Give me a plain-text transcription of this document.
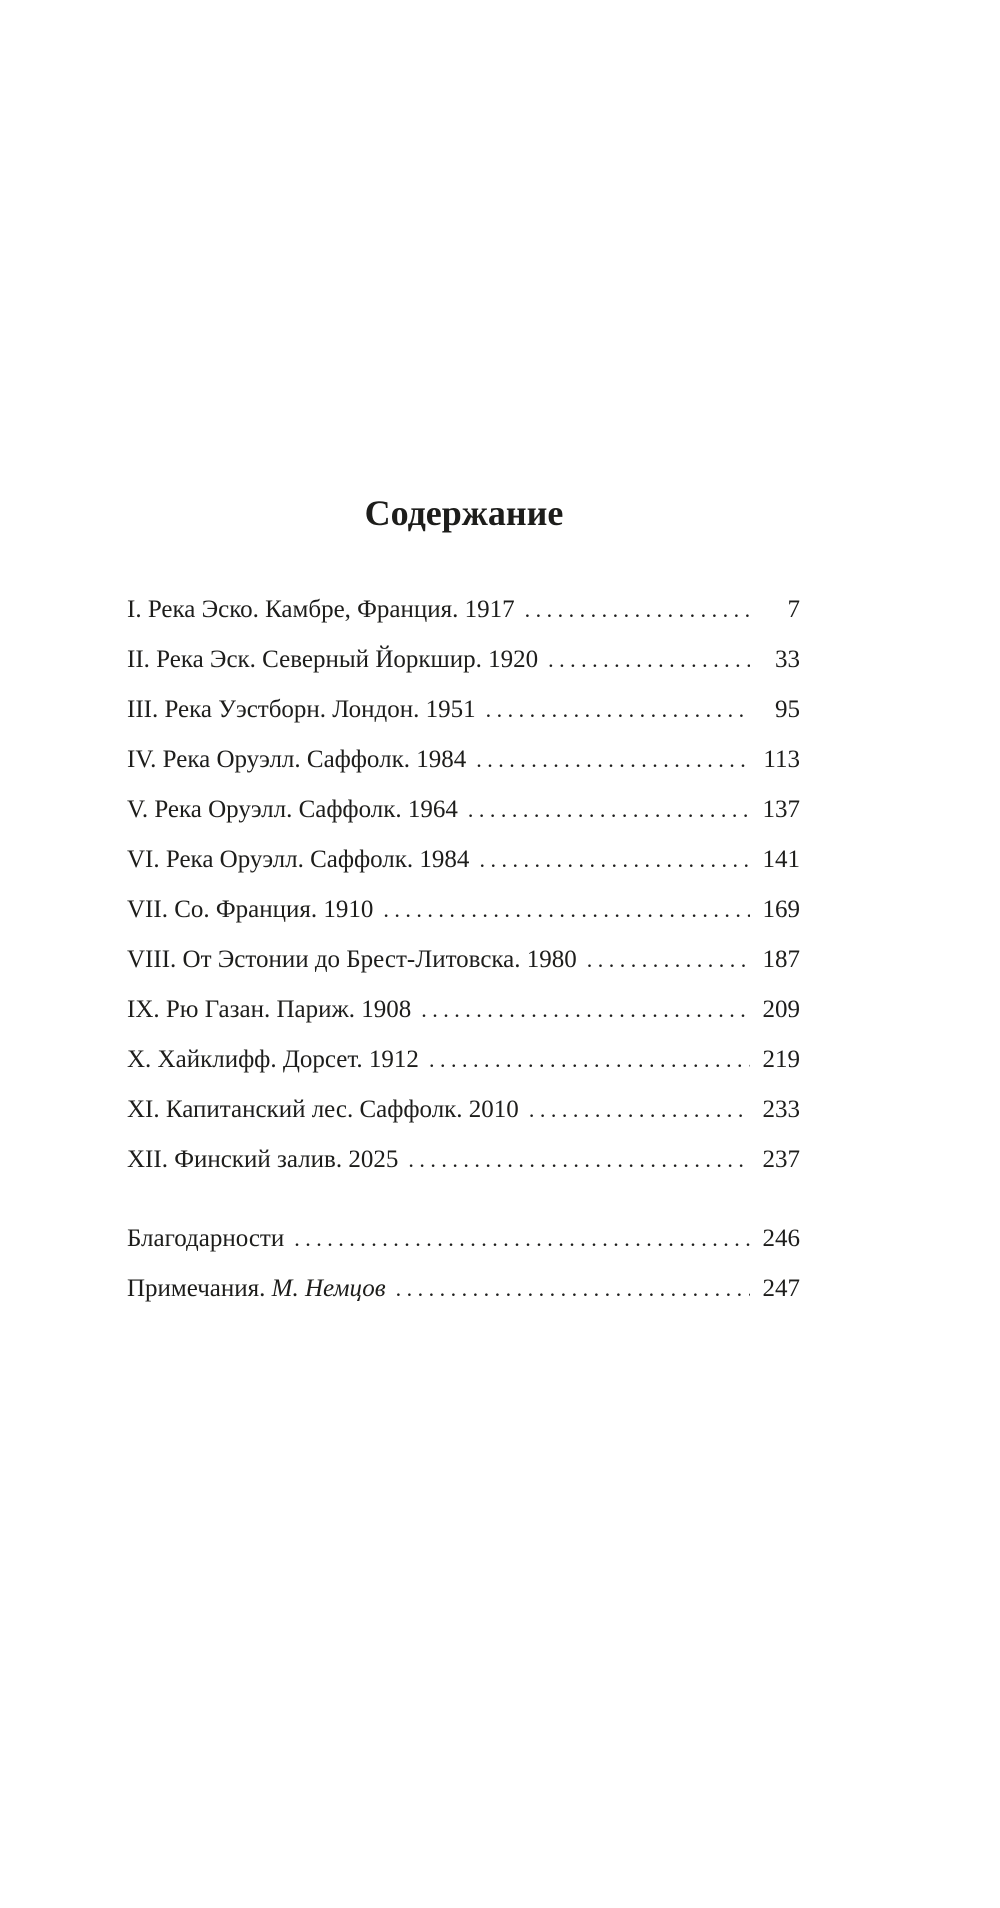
Содержание
I. Река Эско. Камбре, Франция. 1917 . . .	7
II. Река Эск. Северный Йоркшир. 1920 . . .	33
III. Река Уэстборн. Лондон. 1951 . . .	95
IV. Река Оруэлл. Саффолк. 1984 . . .	113
V. Река Оруэлл. Саффолк. 1964 . . .	137
VI. Река Оруэлл. Саффолк. 1984 . . .	141
VII. Со. Франция. 1910 . . .	169
VIII. От Эстонии до Брест-Литовска. 1980 . . .	187
IX. Рю Газан. Париж. 1908 . . .	209
X. Хайклифф. Дорсет. 1912 . . .	219
XI. Капитанский лес. Саффолк. 2010 . . .	233
XII. Финский залив. 2025 . . .	237
Благодарности . . .	246
Примечания. М. Немцов . . .	247
